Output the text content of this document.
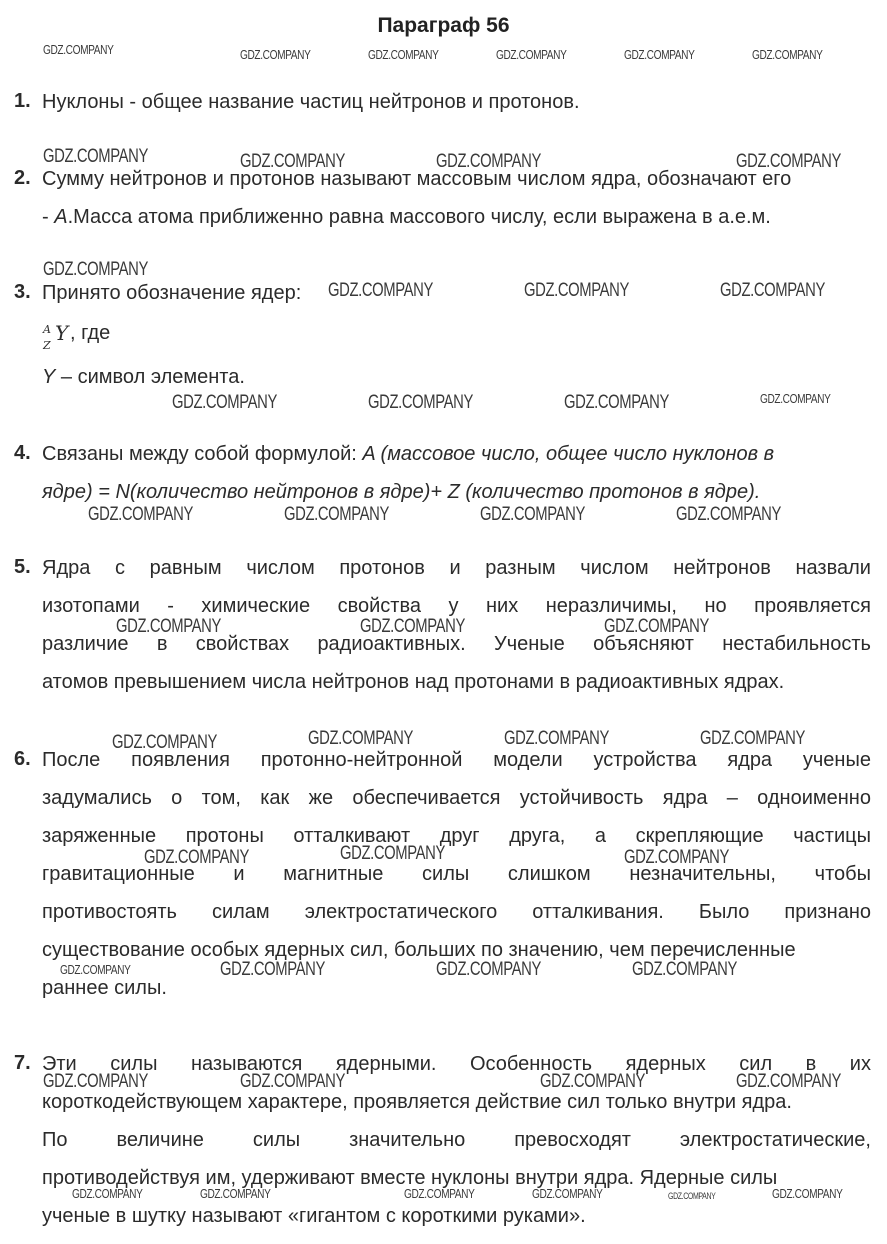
Параграф 56
1. Нуклоны - общее название частиц нейтронов и протонов.
2. Сумму нейтронов и протонов называют массовым числом ядра, обозначают его
- A.Масса атома приближенно равна массового числу, если выражена в а.е.м.
3. Принято обозначение ядер:
A
Z
Y , где
Y – символ элемента.
4. Связаны между собой формулой: A (массовое число, общее число нуклонов в
ядре) = N(количество нейтронов в ядре)+ Z (количество протонов в ядре).
5. Ядра с равным числом протонов и разным числом нейтронов назвали
изотопами - химические свойства у них неразличимы, но проявляется
различие в свойствах радиоактивных. Ученые объясняют нестабильность
атомов превышением числа нейтронов над протонами в радиоактивных ядрах.
6. После появления протонно-нейтронной модели устройства ядра ученые
задумались о том, как же обеспечивается устойчивость ядра – одноименно
заряженные протоны отталкивают друг друга, а скрепляющие частицы
гравитационные и магнитные силы слишком незначительны, чтобы
противостоять силам электростатического отталкивания. Было признано
существование особых ядерных сил, больших по значению, чем перечисленные
раннее силы.
7. Эти силы называются ядерными. Особенность ядерных сил в их
короткодействующем характере, проявляется действие сил только внутри ядра.
По величине силы значительно превосходят электростатические,
противодействуя им, удерживают вместе нуклоны внутри ядра. Ядерные силы
ученые в шутку называют «гигантом с короткими руками».
GDZ.COMPANY	GDZ.COMPANY	GDZ.COMPANY	GDZ.COMPANY	GDZ.COMPANY	GDZ.COMPANY
GDZ.COMPANY	GDZ.COMPANY	GDZ.COMPANY	GDZ.COMPANY
GDZ.COMPANY
GDZ.COMPANY	GDZ.COMPANY	GDZ.COMPANY
GDZ.COMPANY	GDZ.COMPANY	GDZ.COMPANY	GDZ.COMPANY
GDZ.COMPANY	GDZ.COMPANY	GDZ.COMPANY	GDZ.COMPANY
GDZ.COMPANY	GDZ.COMPANY	GDZ.COMPANY
GDZ.COMPANY	GDZ.COMPANY	GDZ.COMPANY	GDZ.COMPANY
GDZ.COMPANY	GDZ.COMPANY	GDZ.COMPANY
GDZ.COMPANY	GDZ.COMPANY	GDZ.COMPANY	GDZ.COMPANY
GDZ.COMPANY	GDZ.COMPANY	GDZ.COMPANY	GDZ.COMPANY
GDZ.COMPANY	GDZ.COMPANY	GDZ.COMPANY	GDZ.COMPANY	GDZ.COMPANY	GDZ.COMPANY
